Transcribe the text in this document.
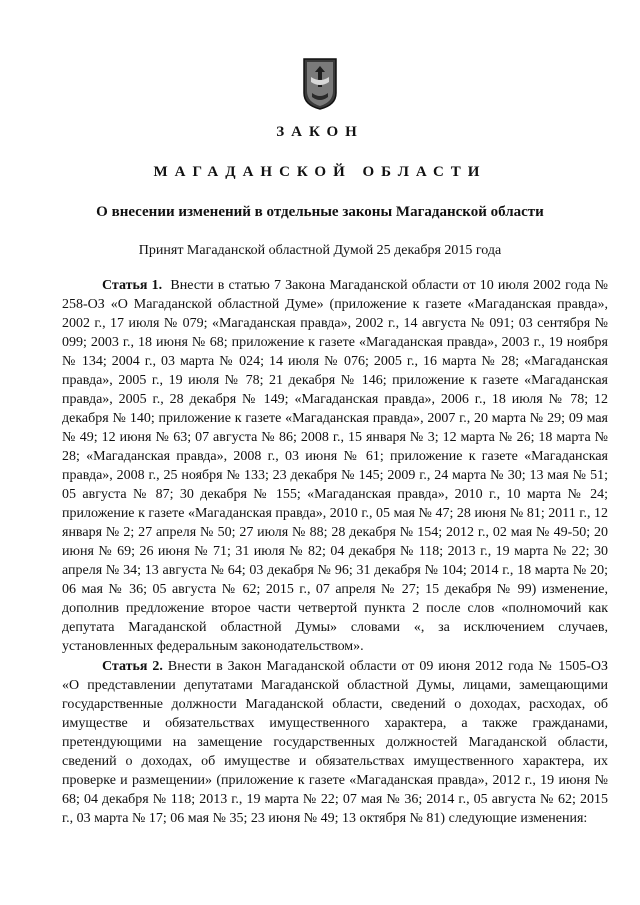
ЗАКОН
МАГАДАНСКОЙ ОБЛАСТИ
О внесении изменений в отдельные законы Магаданской области
Принят Магаданской областной Думой 25 декабря 2015 года

Статья 1. Внести в статью 7 Закона Магаданской области от 10 июля 2002 года № 258-ОЗ «О Магаданской областной Думе» (приложение к газете «Магаданская правда», 2002 г., 17 июля № 079; «Магаданская правда», 2002 г., 14 августа № 091; 03 сентября № 099; 2003 г., 18 июня № 68; приложение к газете «Магаданская правда», 2003 г., 19 ноября № 134; 2004 г., 03 марта № 024; 14 июля № 076; 2005 г., 16 марта № 28; «Магаданская правда», 2005 г., 19 июля № 78; 21 декабря № 146; приложение к газете «Магаданская правда», 2005 г., 28 декабря № 149; «Магаданская правда», 2006 г., 18 июля № 78; 12 декабря № 140; приложение к газете «Магаданская правда», 2007 г., 20 марта № 29; 09 мая № 49; 12 июня № 63; 07 августа № 86; 2008 г., 15 января № 3; 12 марта № 26; 18 марта № 28; «Магаданская правда», 2008 г., 03 июня № 61; приложение к газете «Магаданская правда», 2008 г., 25 ноября № 133; 23 декабря № 145; 2009 г., 24 марта № 30; 13 мая № 51; 05 августа № 87; 30 декабря № 155; «Магаданская правда», 2010 г., 10 марта № 24; приложение к газете «Магаданская правда», 2010 г., 05 мая № 47; 28 июня № 81; 2011 г., 12 января № 2; 27 апреля № 50; 27 июля № 88; 28 декабря № 154; 2012 г., 02 мая № 49-50; 20 июня № 69; 26 июня № 71; 31 июля № 82; 04 декабря № 118; 2013 г., 19 марта № 22; 30 апреля № 34; 13 августа № 64; 03 декабря № 96; 31 декабря № 104; 2014 г., 18 марта № 20; 06 мая № 36; 05 августа № 62; 2015 г., 07 апреля № 27; 15 декабря № 99) изменение, дополнив предложение второе части четвертой пункта 2 после слов «полномочий как депутата Магаданской областной Думы» словами «, за исключением случаев, установленных федеральным законодательством».

Статья 2. Внести в Закон Магаданской области от 09 июня 2012 года № 1505-ОЗ «О представлении депутатами Магаданской областной Думы, лицами, замещающими государственные должности Магаданской области, сведений о доходах, расходах, об имуществе и обязательствах имущественного характера, а также гражданами, претендующими на замещение государственных должностей Магаданской области, сведений о доходах, об имуществе и обязательствах имущественного характера, их проверке и размещении» (приложение к газете «Магаданская правда», 2012 г., 19 июня № 68; 04 декабря № 118; 2013 г., 19 марта № 22; 07 мая № 36; 2014 г., 05 августа № 62; 2015 г., 03 марта № 17; 06 мая № 35; 23 июня № 49; 13 октября № 81) следующие изменения:
